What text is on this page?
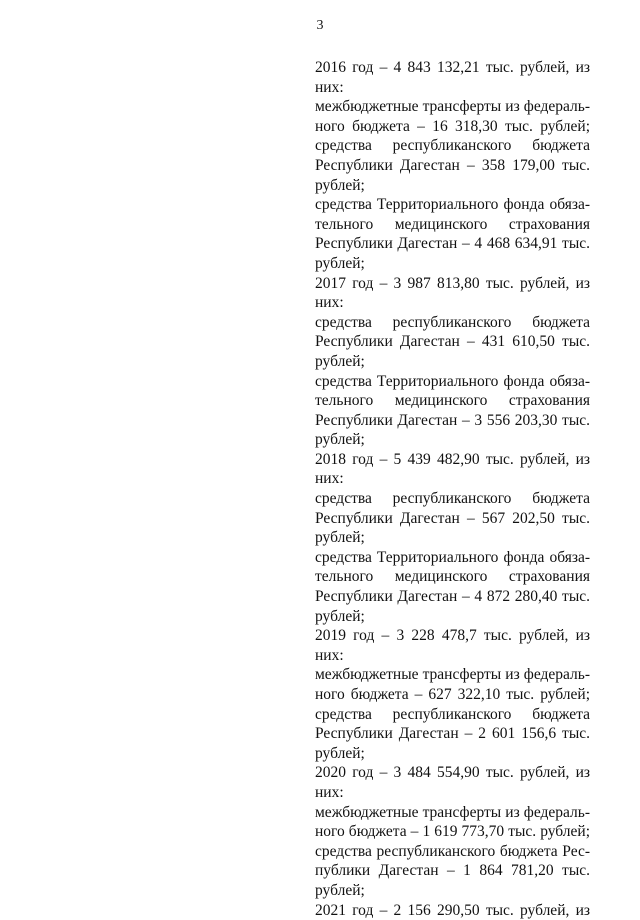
3
2016 год – 4 843 132,21 тыс. рублей, из
них:
межбюджетные трансферты из федераль-
ного бюджета – 16 318,30 тыс. рублей;
средства республиканского бюджета
Республики Дагестан – 358 179,00 тыс.
рублей;
средства Территориального фонда обяза-
тельного медицинского страхования
Республики Дагестан – 4 468 634,91 тыс.
рублей;
2017 год – 3 987 813,80 тыс. рублей, из
них:
средства республиканского бюджета
Республики Дагестан – 431 610,50 тыс.
рублей;
средства Территориального фонда обяза-
тельного медицинского страхования
Республики Дагестан – 3 556 203,30 тыс.
рублей;
2018 год – 5 439 482,90 тыс. рублей, из
них:
средства республиканского бюджета
Республики Дагестан – 567 202,50 тыс.
рублей;
средства Территориального фонда обяза-
тельного медицинского страхования
Республики Дагестан – 4 872 280,40 тыс.
рублей;
2019 год – 3 228 478,7 тыс. рублей, из
них:
межбюджетные трансферты из федераль-
ного бюджета – 627 322,10 тыс. рублей;
средства республиканского бюджета
Республики Дагестан – 2 601 156,6 тыс.
рублей;
2020 год – 3 484 554,90 тыс. рублей, из
них:
межбюджетные трансферты из федераль-
ного бюджета – 1 619 773,70 тыс. рублей;
средства республиканского бюджета Рес-
публики Дагестан – 1 864 781,20 тыс.
рублей;
2021 год – 2 156 290,50 тыс. рублей, из
